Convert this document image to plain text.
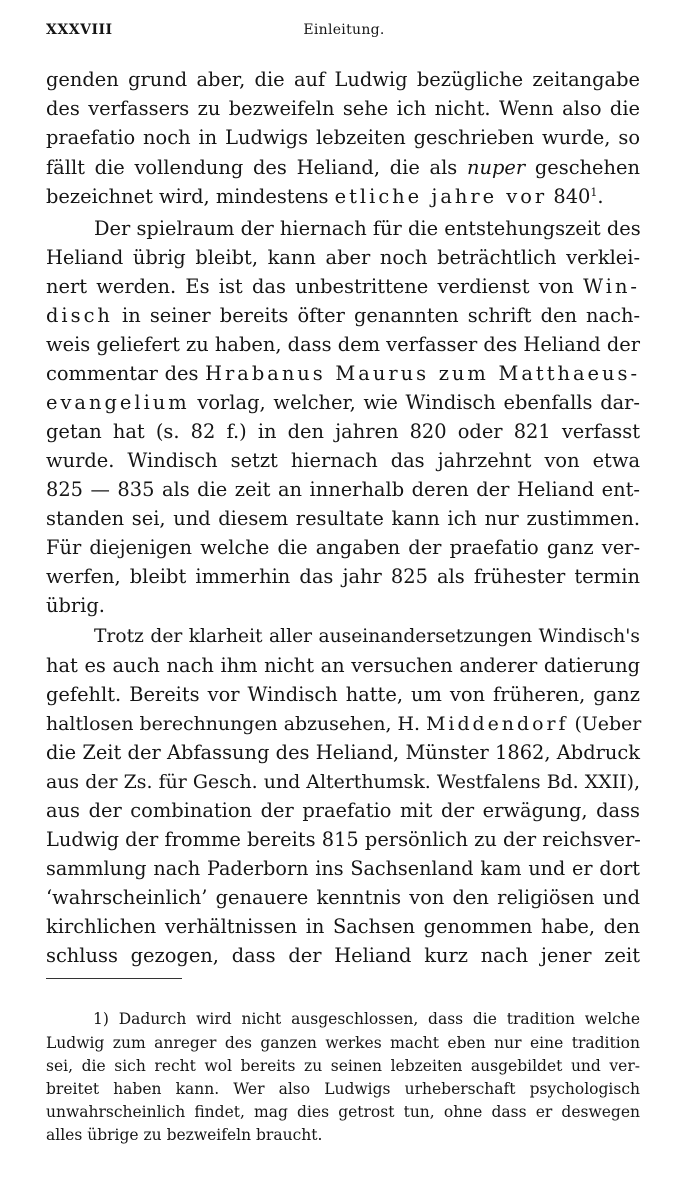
XXXVIII	Einleitung.
genden grund aber, die auf Ludwig bezügliche zeitangabe
des verfassers zu bezweifeln sehe ich nicht. Wenn also die
praefatio noch in Ludwigs lebzeiten geschrieben wurde, so
fällt die vollendung des Heliand, die als nuper geschehen
bezeichnet wird, mindestens etliche jahre vor $840^1$.
Der spielraum der hiernach für die entstehungszeit des
Heliand übrig bleibt, kann aber noch beträchtlich verklei-
nert werden. Es ist das unbestrittene verdienst von Win-
disch in seiner bereits öfter genannten schrift den nach-
weis geliefert zu haben, dass dem verfasser des Heliand der
commentar des Hrabanus Maurus zum Matthaeus-
evangelium vorlag, welcher, wie Windisch ebenfalls dar-
getan hat (s. 82 f.) in den jahren 820 oder 821 verfasst
wurde. Windisch setzt hiernach das jahrzehnt von etwa
825 — 835 als die zeit an innerhalb deren der Heliand ent-
standen sei, und diesem resultate kann ich nur zustimmen.
Für diejenigen welche die angaben der praefatio ganz ver-
werfen, bleibt immerhin das jahr 825 als frühester termin
übrig.
Trotz der klarheit aller auseinandersetzungen Windisch's
hat es auch nach ihm nicht an versuchen anderer datierung
gefehlt. Bereits vor Windisch hatte, um von früheren, ganz
haltlosen berechnungen abzusehen, H. Middendorf (Ueber
die Zeit der Abfassung des Heliand, Münster 1862, Abdruck
aus der Zs. für Gesch. und Alterthumsk. Westfalens Bd. XXII),
aus der combination der praefatio mit der erwägung, dass
Ludwig der fromme bereits 815 persönlich zu der reichsver-
sammlung nach Paderborn ins Sachsenland kam und er dort
‘wahrscheinlich’ genauere kenntnis von den religiösen und
kirchlichen verhältnissen in Sachsen genommen habe, den
schluss gezogen, dass der Heliand kurz nach jener zeit
1) Dadurch wird nicht ausgeschlossen, dass die tradition welche
Ludwig zum anreger des ganzen werkes macht eben nur eine tradition
sei, die sich recht wol bereits zu seinen lebzeiten ausgebildet und ver-
breitet haben kann. Wer also Ludwigs urheberschaft psychologisch
unwahrscheinlich findet, mag dies getrost tun, ohne dass er deswegen
alles übrige zu bezweifeln braucht.
